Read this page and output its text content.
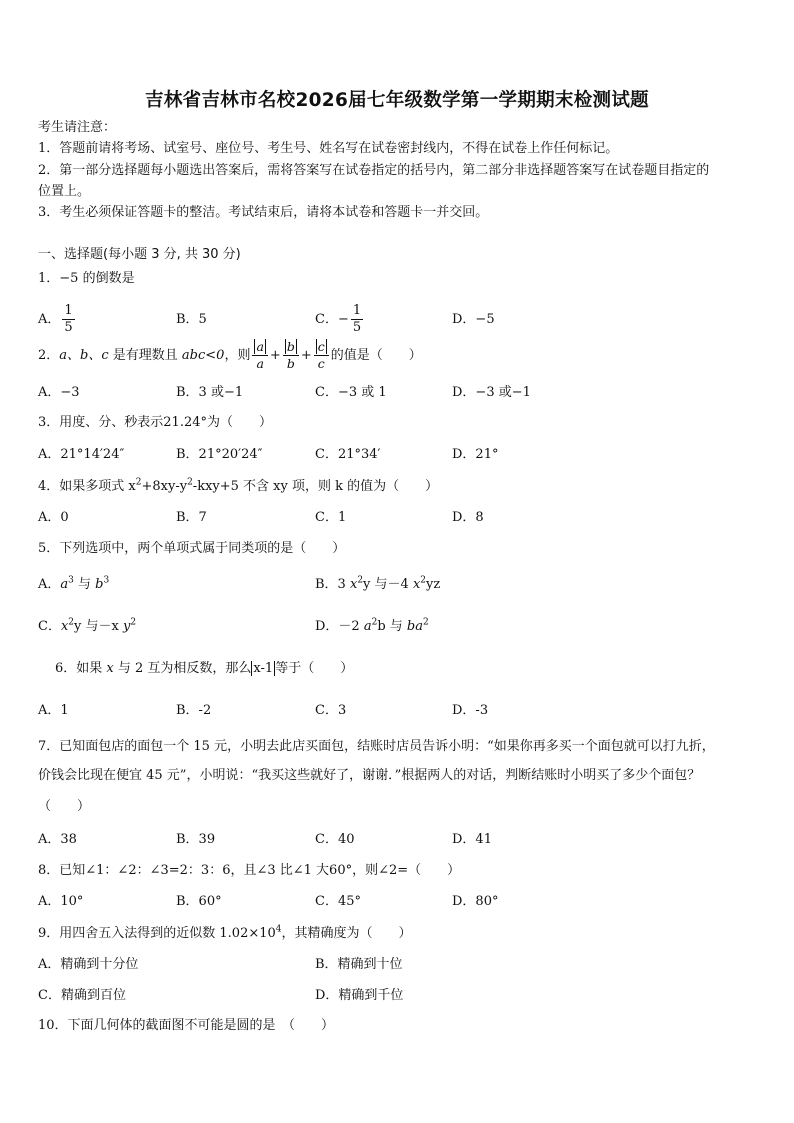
吉林省吉林市名校2026届七年级数学第一学期期末检测试题
考生请注意：
1．答题前请将考场、试室号、座位号、考生号、姓名写在试卷密封线内，不得在试卷上作任何标记。
2．第一部分选择题每小题选出答案后，需将答案写在试卷指定的括号内，第二部分非选择题答案写在试卷题目指定的
位置上。
3．考生必须保证答题卡的整洁。考试结束后，请将本试卷和答题卡一并交回。
一、选择题(每小题 3 分, 共 30 分)
1．−5 的倒数是
A． $\frac{1}{5}$	B．5	C．− $\frac{1}{5}$	D．−5
2．a、b、c 是有理数且 abc<0，则 $\frac{a}{a} + \frac{b}{b} + \frac{c}{c}$ 的值是（　　）
A．−3	B．3 或−1	C．−3 或 1	D．−3 或−1
3．用度、分、秒表示21.24°为（　　）
A．21°14′24″	B．21°20′24″	C．21°34′	D．21°
4．如果多项式 $x^2+8xy-y^2-kxy+5$ 不含 xy 项，则 k 的值为（　　）
A．0	B．7	C．1	D．8
5．下列选项中，两个单项式属于同类项的是（　　）
A．$a^3$ 与 $b^3$	B．3 $x^2y$ 与－4 $x^2yz$
C．$x^2y$ 与－x $y^2$	D．－2 $a^2b$ 与 $ba^2$
6．如果 x 与 2 互为相反数，那么 x-1 等于（　　）
A．1	B．-2	C．3	D．-3
7．已知面包店的面包一个 15 元，小明去此店买面包，结账时店员告诉小明：“如果你再多买一个面包就可以打九折，
价钱会比现在便宜 45 元”，小明说：“我买这些就好了，谢谢．”根据两人的对话，判断结账时小明买了多少个面包？
（　　）
A．38	B．39	C．40	D．41
8．已知∠1：∠2：∠3=2：3：6，且∠3 比∠1 大60°，则∠2=（　　）
A．10°	B．60°	C．45°	D．80°
9．用四舍五入法得到的近似数 $1.02\times 10^4$，其精确度为（　　）
A．精确到十分位	B．精确到十位
C．精确到百位	D．精确到千位
10．下面几何体的截面图不可能是圆的是　（　　）
